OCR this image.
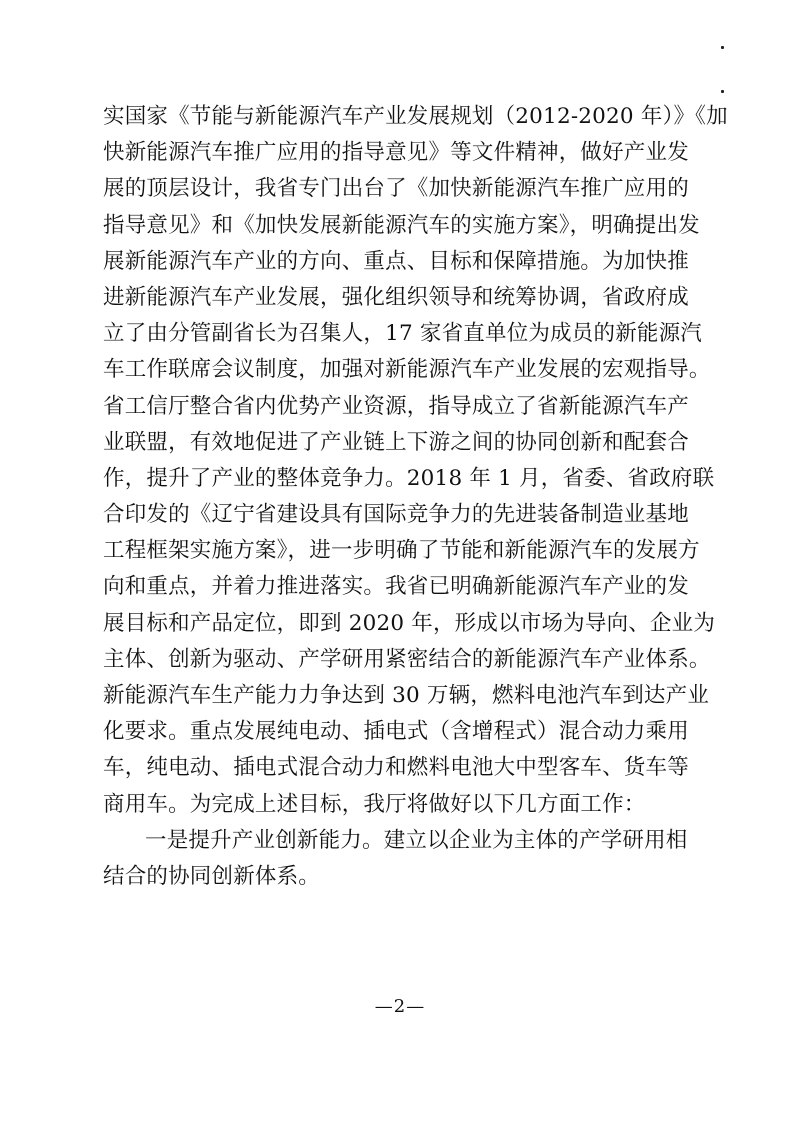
实国家《节能与新能源汽车产业发展规划（2012-2020 年）》《加
快新能源汽车推广应用的指导意见》等文件精神，做好产业发
展的顶层设计，我省专门出台了《加快新能源汽车推广应用的
指导意见》和《加快发展新能源汽车的实施方案》，明确提出发
展新能源汽车产业的方向、重点、目标和保障措施。为加快推
进新能源汽车产业发展，强化组织领导和统筹协调，省政府成
立了由分管副省长为召集人，17 家省直单位为成员的新能源汽
车工作联席会议制度，加强对新能源汽车产业发展的宏观指导。
省工信厅整合省内优势产业资源，指导成立了省新能源汽车产
业联盟，有效地促进了产业链上下游之间的协同创新和配套合
作，提升了产业的整体竞争力。2018 年 1 月，省委、省政府联
合印发的《辽宁省建设具有国际竞争力的先进装备制造业基地
工程框架实施方案》，进一步明确了节能和新能源汽车的发展方
向和重点，并着力推进落实。我省已明确新能源汽车产业的发
展目标和产品定位，即到 2020 年，形成以市场为导向、企业为
主体、创新为驱动、产学研用紧密结合的新能源汽车产业体系。
新能源汽车生产能力力争达到 30 万辆，燃料电池汽车到达产业
化要求。重点发展纯电动、插电式（含增程式）混合动力乘用
车，纯电动、插电式混合动力和燃料电池大中型客车、货车等
商用车。为完成上述目标，我厅将做好以下几方面工作：
一是提升产业创新能力。建立以企业为主体的产学研用相
结合的协同创新体系。
—2—
